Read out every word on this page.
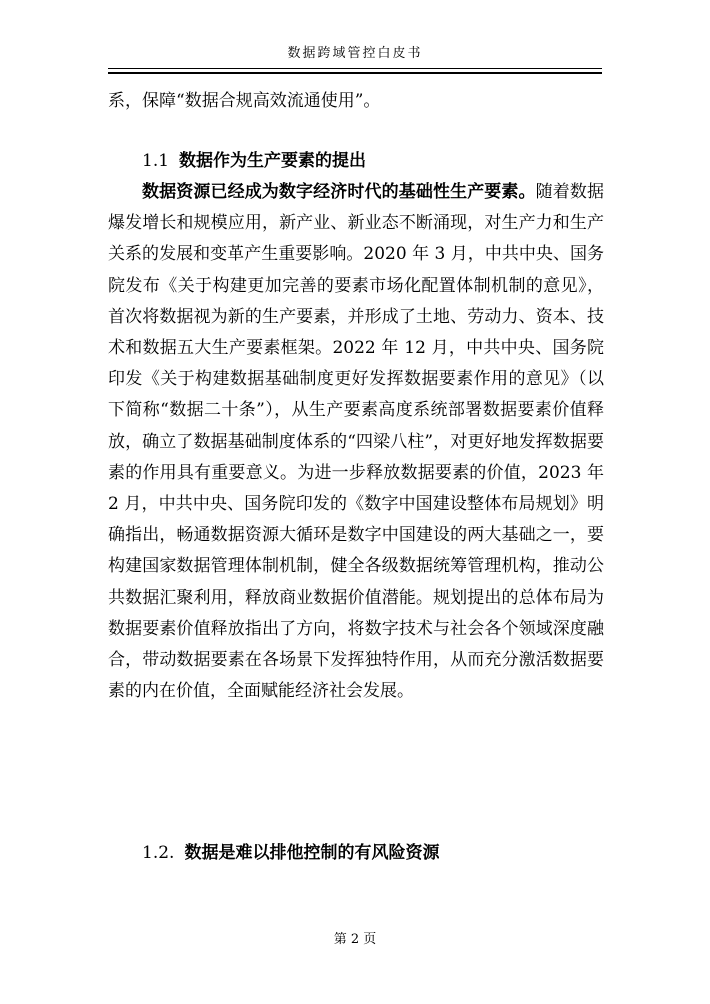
数据跨域管控白皮书

系，保障“数据合规高效流通使用”。

1.1 数据作为生产要素的提出

数据资源已经成为数字经济时代的基础性生产要素。随着数据爆发增长和规模应用，新产业、新业态不断涌现，对生产力和生产关系的发展和变革产生重要影响。2020 年 3 月，中共中央、国务院发布《关于构建更加完善的要素市场化配置体制机制的意见》，首次将数据视为新的生产要素，并形成了土地、劳动力、资本、技术和数据五大生产要素框架。2022 年 12 月，中共中央、国务院印发《关于构建数据基础制度更好发挥数据要素作用的意见》（以下简称“数据二十条”），从生产要素高度系统部署数据要素价值释放，确立了数据基础制度体系的“四梁八柱”，对更好地发挥数据要素的作用具有重要意义。为进一步释放数据要素的价值，2023 年 2 月，中共中央、国务院印发的《数字中国建设整体布局规划》明确指出，畅通数据资源大循环是数字中国建设的两大基础之一，要构建国家数据管理体制机制，健全各级数据统筹管理机构，推动公共数据汇聚利用，释放商业数据价值潜能。规划提出的总体布局为数据要素价值释放指出了方向，将数字技术与社会各个领域深度融合，带动数据要素在各场景下发挥独特作用，从而充分激活数据要素的内在价值，全面赋能经济社会发展。

1.2. 数据是难以排他控制的有风险资源
第 2 页
